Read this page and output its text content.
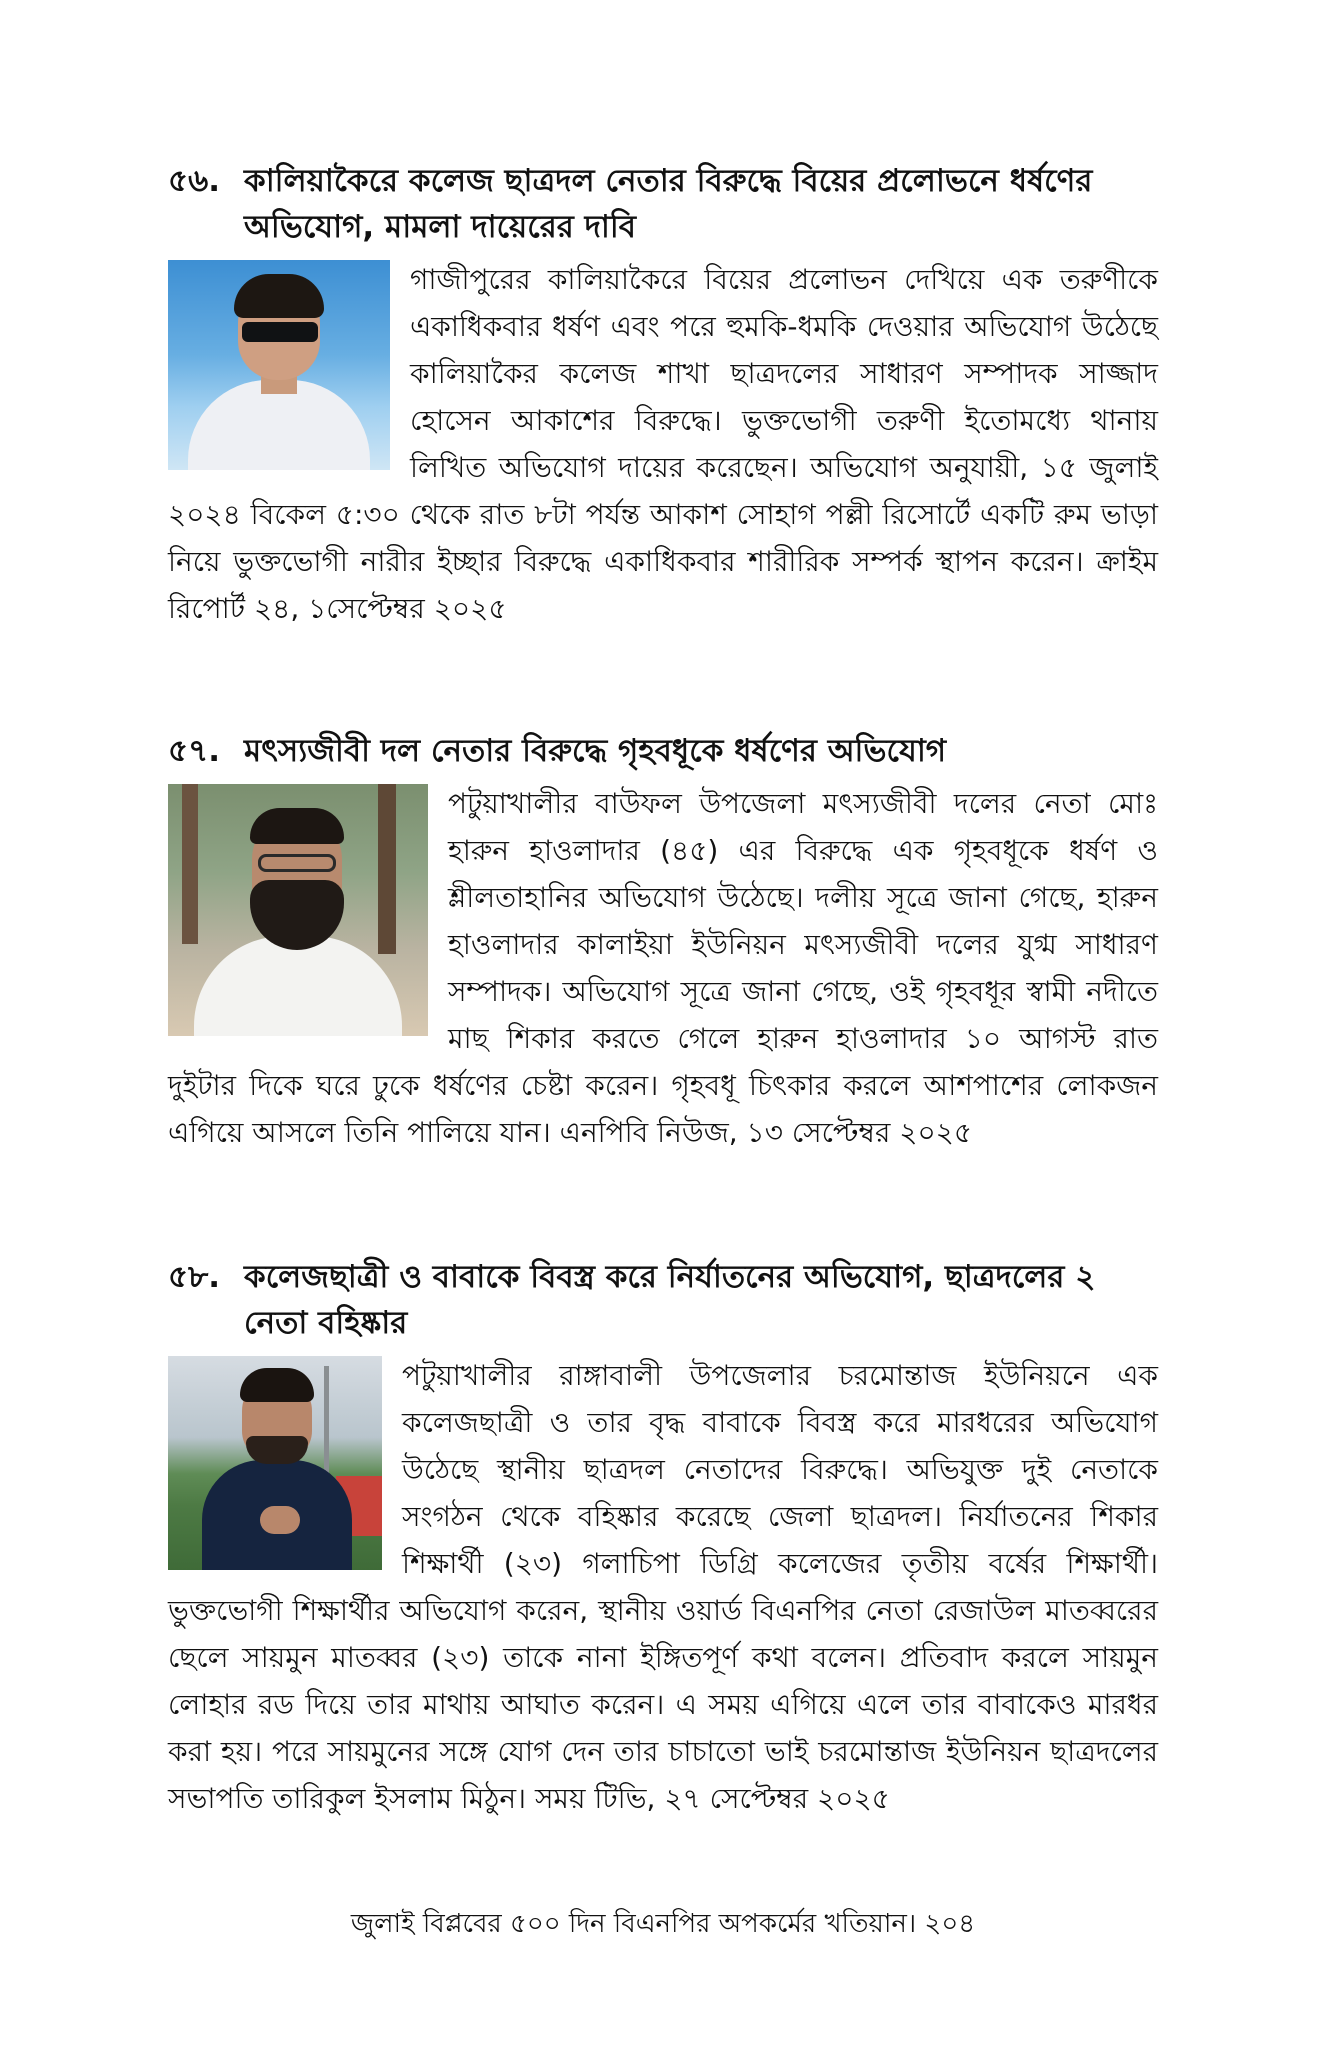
৫৬. কালিয়াকৈরে কলেজ ছাত্রদল নেতার বিরুদ্ধে বিয়ের প্রলোভনে ধর্ষণের অভিযোগ, মামলা দায়েরের দাবি

গাজীপুরের কালিয়াকৈরে বিয়ের প্রলোভন দেখিয়ে এক তরুণীকে একাধিকবার ধর্ষণ এবং পরে হুমকি-ধমকি দেওয়ার অভিযোগ উঠেছে কালিয়াকৈর কলেজ শাখা ছাত্রদলের সাধারণ সম্পাদক সাজ্জাদ হোসেন আকাশের বিরুদ্ধে। ভুক্তভোগী তরুণী ইতোমধ্যে থানায় লিখিত অভিযোগ দায়ের করেছেন। অভিযোগ অনুযায়ী, ১৫ জুলাই ২০২৪ বিকেল ৫:৩০ থেকে রাত ৮টা পর্যন্ত আকাশ সোহাগ পল্লী রিসোর্টে একটি রুম ভাড়া নিয়ে ভুক্তভোগী নারীর ইচ্ছার বিরুদ্ধে একাধিকবার শারীরিক সম্পর্ক স্থাপন করেন। ক্রাইম রিপোর্ট ২৪, ১সেপ্টেম্বর ২০২৫

৫৭. মৎস্যজীবী দল নেতার বিরুদ্ধে গৃহবধূকে ধর্ষণের অভিযোগ

পটুয়াখালীর বাউফল উপজেলা মৎস্যজীবী দলের নেতা মোঃ হারুন হাওলাদার (৪৫) এর বিরুদ্ধে এক গৃহবধূকে ধর্ষণ ও শ্লীলতাহানির অভিযোগ উঠেছে। দলীয় সূত্রে জানা গেছে, হারুন হাওলাদার কালাইয়া ইউনিয়ন মৎস্যজীবী দলের যুগ্ম সাধারণ সম্পাদক। অভিযোগ সূত্রে জানা গেছে, ওই গৃহবধূর স্বামী নদীতে মাছ শিকার করতে গেলে হারুন হাওলাদার ১০ আগস্ট রাত দুইটার দিকে ঘরে ঢুকে ধর্ষণের চেষ্টা করেন। গৃহবধূ চিৎকার করলে আশপাশের লোকজন এগিয়ে আসলে তিনি পালিয়ে যান। এনপিবি নিউজ, ১৩ সেপ্টেম্বর ২০২৫

৫৮. কলেজছাত্রী ও বাবাকে বিবস্ত্র করে নির্যাতনের অভিযোগ, ছাত্রদলের ২ নেতা বহিষ্কার

পটুয়াখালীর রাঙ্গাবালী উপজেলার চরমোন্তাজ ইউনিয়নে এক কলেজছাত্রী ও তার বৃদ্ধ বাবাকে বিবস্ত্র করে মারধরের অভিযোগ উঠেছে স্থানীয় ছাত্রদল নেতাদের বিরুদ্ধে। অভিযুক্ত দুই নেতাকে সংগঠন থেকে বহিষ্কার করেছে জেলা ছাত্রদল। নির্যাতনের শিকার শিক্ষার্থী (২৩) গলাচিপা ডিগ্রি কলেজের তৃতীয় বর্ষের শিক্ষার্থী। ভুক্তভোগী শিক্ষার্থীর অভিযোগ করেন, স্থানীয় ওয়ার্ড বিএনপির নেতা রেজাউল মাতব্বরের ছেলে সায়মুন মাতব্বর (২৩) তাকে নানা ইঙ্গিতপূর্ণ কথা বলেন। প্রতিবাদ করলে সায়মুন লোহার রড দিয়ে তার মাথায় আঘাত করেন। এ সময় এগিয়ে এলে তার বাবাকেও মারধর করা হয়। পরে সায়মুনের সঙ্গে যোগ দেন তার চাচাতো ভাই চরমোন্তাজ ইউনিয়ন ছাত্রদলের সভাপতি তারিকুল ইসলাম মিঠুন। সময় টিভি, ২৭ সেপ্টেম্বর ২০২৫

জুলাই বিপ্লবের ৫০০ দিন বিএনপির অপকর্মের খতিয়ান। ২০৪
